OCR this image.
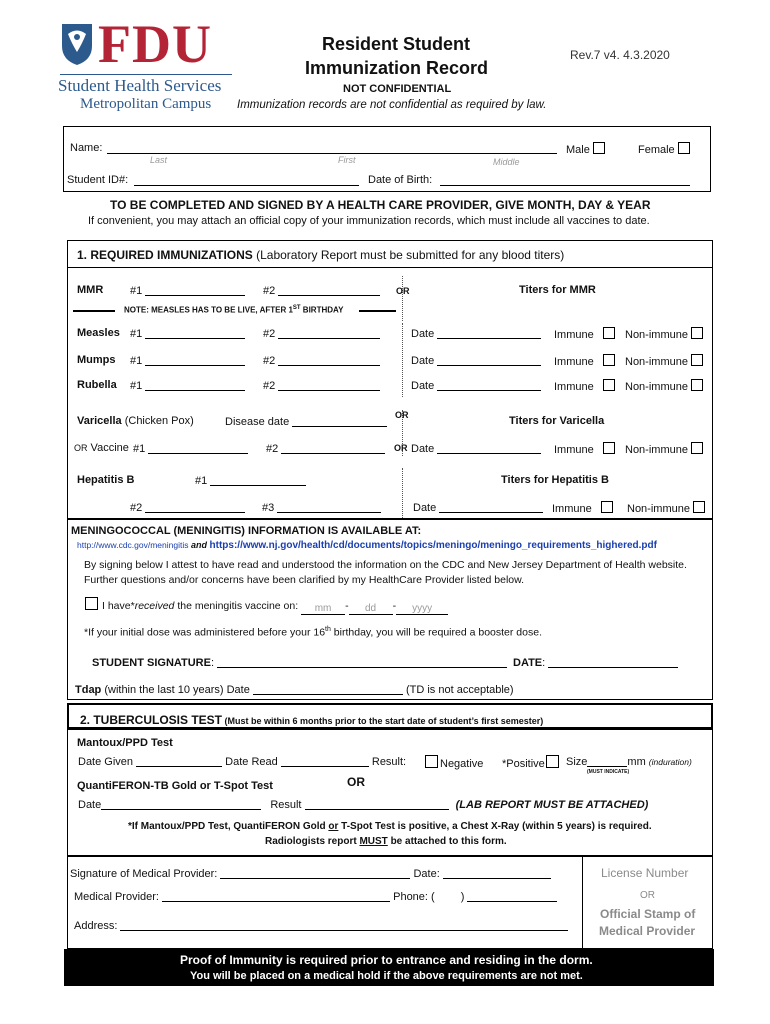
FDU
Student Health Services
Metropolitan Campus
Resident Student
Immunization Record
Rev.7 v4. 4.3.2020
NOT CONFIDENTIAL
Immunization records are not confidential as required by law.
Name:
Last	First	Middle
Male	Female
Student ID#:	Date of Birth:
TO BE COMPLETED AND SIGNED BY A HEALTH CARE PROVIDER, GIVE MONTH, DAY & YEAR
If convenient, you may attach an official copy of your immunization records, which must include all vaccines to date.
1. REQUIRED IMMUNIZATIONS (Laboratory Report must be submitted for any blood titers)
MMR #1	#2	OR	Titers for MMR
NOTE: MEASLES HAS TO BE LIVE, AFTER 1ST BIRTHDAY
Measles #1	#2	Date	Immune	Non-immune
Mumps #1	#2	Date	Immune	Non-immune
Rubella #1	#2	Date	Immune	Non-immune
Varicella (Chicken Pox)	Disease date
OR	Titers for Varicella
OR Vaccine #1	#2	Date	Immune	Non-immune
Hepatitis B	#1
OR
Titers for Hepatitis B
#2	#3	Date	Immune	Non-immune
MENINGOCOCCAL (MENINGITIS) INFORMATION IS AVAILABLE AT:
http://www.cdc.gov/meningitis and https://www.nj.gov/health/cd/documents/topics/meningo/meningo_requirements_highered.pdf
By signing below I attest to have read and understood the information on the CDC and New Jersey Department of Health website.
Further questions and/or concerns have been clarified by my HealthCare Provider listed below.
I have*received the meningitis vaccine on: mm - dd - yyyy
*If your initial dose was administered before your 16th birthday, you will be required a booster dose.
STUDENT SIGNATURE:	DATE:
Tdap (within the last 10 years) Date	(TD is not acceptable)
2. TUBERCULOSIS TEST (Must be within 6 months prior to the start date of student’s first semester)
Mantoux/PPD Test
Date Given	Date Read	Result:	Negative *Positive	Size	mm (induration)
(MUST INDICATE)
OR
QuantiFERON-TB Gold or T-Spot Test
Date	Result	(LAB REPORT MUST BE ATTACHED)
*If Mantoux/PPD Test, QuantiFERON Gold or T-Spot Test is positive, a Chest X-Ray (within 5 years) is required.
Radiologists report MUST be attached to this form.
Signature of Medical Provider:	Date:
Medical Provider:	Phone: ( )
Address:
License Number
OR
Official Stamp of
Medical Provider
Proof of Immunity is required prior to entrance and residing in the dorm.
You will be placed on a medical hold if the above requirements are not met.
